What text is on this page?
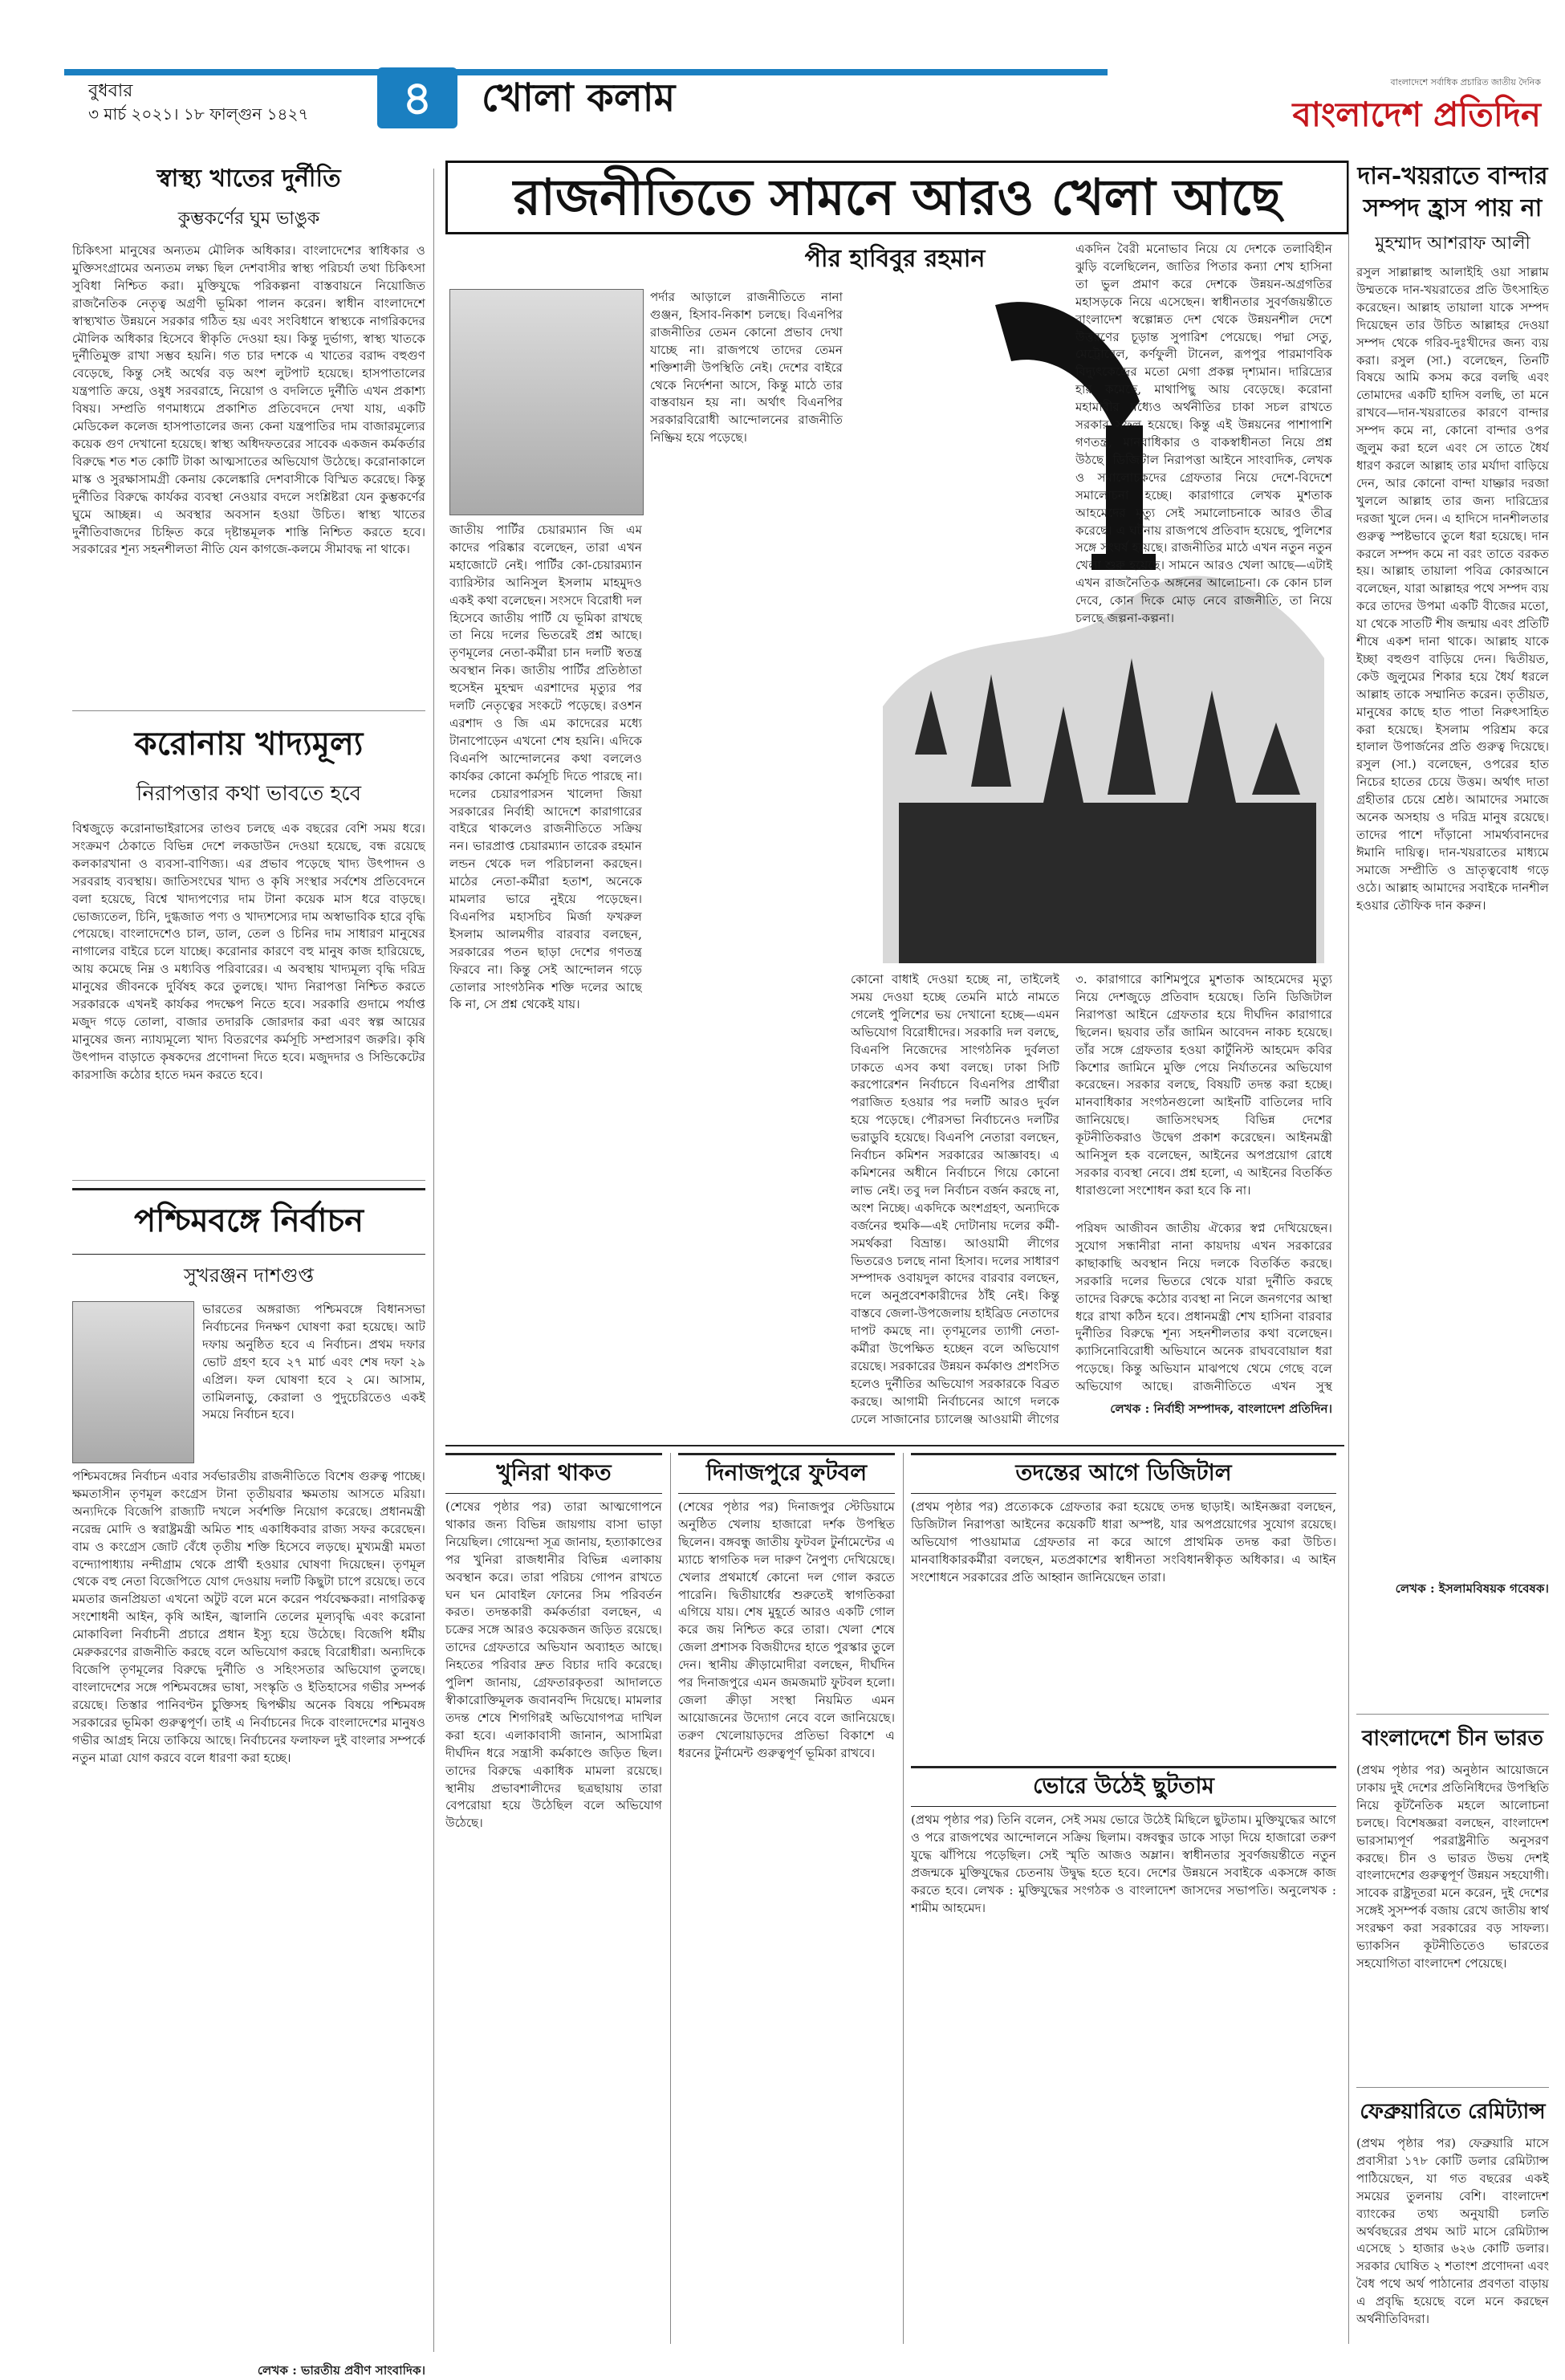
বুধবার
৩ মার্চ ২০২১। ১৮ ফাল্গুন ১৪২৭	৪	খোলা কলাম	বাংলাদেশে সর্বাধিক প্রচারিত জাতীয় দৈনিক
বাংলাদেশ প্রতিদিন
স্বাস্থ্য খাতের দুর্নীতি
কুম্ভকর্ণের ঘুম ভাঙুক
চিকিৎসা মানুষের অন্যতম মৌলিক অধিকার। বাংলাদেশের স্বাধিকার ও মুক্তিসংগ্রামের অন্যতম লক্ষ্য ছিল দেশবাসীর স্বাস্থ্য পরিচর্যা তথা চিকিৎসা সুবিধা নিশ্চিত করা। মুক্তিযুদ্ধে পরিকল্পনা বাস্তবায়নে নিয়োজিত রাজনৈতিক নেতৃত্ব অগ্রণী ভূমিকা পালন করেন। স্বাধীন বাংলাদেশে স্বাস্থ্যখাত উন্নয়নে সরকার গঠিত হয় এবং সংবিধানে স্বাস্থ্যকে নাগরিকদের মৌলিক অধিকার হিসেবে স্বীকৃতি দেওয়া হয়। কিন্তু দুর্ভাগ্য, স্বাস্থ্য খাতকে দুর্নীতিমুক্ত রাখা সম্ভব হয়নি। গত চার দশকে এ খাতের বরাদ্দ বহুগুণ বেড়েছে, কিন্তু সেই অর্থের বড় অংশ লুটপাট হয়েছে। হাসপাতালের যন্ত্রপাতি ক্রয়ে, ওষুধ সরবরাহে, নিয়োগ ও বদলিতে দুর্নীতি এখন প্রকাশ্য বিষয়। সম্প্রতি গণমাধ্যমে প্রকাশিত প্রতিবেদনে দেখা যায়, একটি মেডিকেল কলেজ হাসপাতালের জন্য কেনা যন্ত্রপাতির দাম বাজারমূল্যের কয়েক গুণ দেখানো হয়েছে। স্বাস্থ্য অধিদফতরের সাবেক একজন কর্মকর্তার বিরুদ্ধে শত শত কোটি টাকা আত্মসাতের অভিযোগ উঠেছে। করোনাকালে মাস্ক ও সুরক্ষাসামগ্রী কেনায় কেলেঙ্কারি দেশবাসীকে বিস্মিত করেছে। কিন্তু দুর্নীতির বিরুদ্ধে কার্যকর ব্যবস্থা নেওয়ার বদলে সংশ্লিষ্টরা যেন কুম্ভকর্ণের ঘুমে আচ্ছন্ন। এ অবস্থার অবসান হওয়া উচিত। স্বাস্থ্য খাতের দুর্নীতিবাজদের চিহ্নিত করে দৃষ্টান্তমূলক শাস্তি নিশ্চিত করতে হবে। সরকারের শূন্য সহনশীলতা নীতি যেন কাগজে-কলমে সীমাবদ্ধ না থাকে।
করোনায় খাদ্যমূল্য
নিরাপত্তার কথা ভাবতে হবে
বিশ্বজুড়ে করোনাভাইরাসের তাণ্ডব চলছে এক বছরের বেশি সময় ধরে। সংক্রমণ ঠেকাতে বিভিন্ন দেশে লকডাউন দেওয়া হয়েছে, বন্ধ রয়েছে কলকারখানা ও ব্যবসা-বাণিজ্য। এর প্রভাব পড়েছে খাদ্য উৎপাদন ও সরবরাহ ব্যবস্থায়। জাতিসংঘের খাদ্য ও কৃষি সংস্থার সর্বশেষ প্রতিবেদনে বলা হয়েছে, বিশ্বে খাদ্যপণ্যের দাম টানা কয়েক মাস ধরে বাড়ছে। ভোজ্যতেল, চিনি, দুগ্ধজাত পণ্য ও খাদ্যশস্যের দাম অস্বাভাবিক হারে বৃদ্ধি পেয়েছে। বাংলাদেশেও চাল, ডাল, তেল ও চিনির দাম সাধারণ মানুষের নাগালের বাইরে চলে যাচ্ছে। করোনার কারণে বহু মানুষ কাজ হারিয়েছে, আয় কমেছে নিম্ন ও মধ্যবিত্ত পরিবারের। এ অবস্থায় খাদ্যমূল্য বৃদ্ধি দরিদ্র মানুষের জীবনকে দুর্বিষহ করে তুলছে। খাদ্য নিরাপত্তা নিশ্চিত করতে সরকারকে এখনই কার্যকর পদক্ষেপ নিতে হবে। সরকারি গুদামে পর্যাপ্ত মজুদ গড়ে তোলা, বাজার তদারকি জোরদার করা এবং স্বল্প আয়ের মানুষের জন্য ন্যায্যমূল্যে খাদ্য বিতরণের কর্মসূচি সম্প্রসারণ জরুরি। কৃষি উৎপাদন বাড়াতে কৃষকদের প্রণোদনা দিতে হবে। মজুদদার ও সিন্ডিকেটের কারসাজি কঠোর হাতে দমন করতে হবে।
পশ্চিমবঙ্গে নির্বাচন
সুখরঞ্জন দাশগুপ্ত
ভারতের অঙ্গরাজ্য পশ্চিমবঙ্গে বিধানসভা নির্বাচনের দিনক্ষণ ঘোষণা করা হয়েছে। আট দফায় অনুষ্ঠিত হবে এ নির্বাচন। প্রথম দফার ভোট গ্রহণ হবে ২৭ মার্চ এবং শেষ দফা ২৯ এপ্রিল। ফল ঘোষণা হবে ২ মে। আসাম, তামিলনাড়ু, কেরালা ও পুদুচেরিতেও একই সময়ে নির্বাচন হবে।
পশ্চিমবঙ্গের নির্বাচন এবার সর্বভারতীয় রাজনীতিতে বিশেষ গুরুত্ব পাচ্ছে। ক্ষমতাসীন তৃণমূল কংগ্রেস টানা তৃতীয়বার ক্ষমতায় আসতে মরিয়া। অন্যদিকে বিজেপি রাজ্যটি দখলে সর্বশক্তি নিয়োগ করেছে। প্রধানমন্ত্রী নরেন্দ্র মোদি ও স্বরাষ্ট্রমন্ত্রী অমিত শাহ একাধিকবার রাজ্য সফর করেছেন। বাম ও কংগ্রেস জোট বেঁধে তৃতীয় শক্তি হিসেবে লড়ছে। মুখ্যমন্ত্রী মমতা বন্দ্যোপাধ্যায় নন্দীগ্রাম থেকে প্রার্থী হওয়ার ঘোষণা দিয়েছেন। তৃণমূল থেকে বহু নেতা বিজেপিতে যোগ দেওয়ায় দলটি কিছুটা চাপে রয়েছে। তবে মমতার জনপ্রিয়তা এখনো অটুট বলে মনে করেন পর্যবেক্ষকরা। নাগরিকত্ব সংশোধনী আইন, কৃষি আইন, জ্বালানি তেলের মূল্যবৃদ্ধি এবং করোনা মোকাবিলা নির্বাচনী প্রচারে প্রধান ইস্যু হয়ে উঠেছে। বিজেপি ধর্মীয় মেরুকরণের রাজনীতি করছে বলে অভিযোগ করছে বিরোধীরা। অন্যদিকে বিজেপি তৃণমূলের বিরুদ্ধে দুর্নীতি ও সহিংসতার অভিযোগ তুলছে। বাংলাদেশের সঙ্গে পশ্চিমবঙ্গের ভাষা, সংস্কৃতি ও ইতিহাসের গভীর সম্পর্ক রয়েছে। তিস্তার পানিবণ্টন চুক্তিসহ দ্বিপক্ষীয় অনেক বিষয়ে পশ্চিমবঙ্গ সরকারের ভূমিকা গুরুত্বপূর্ণ। তাই এ নির্বাচনের দিকে বাংলাদেশের মানুষও গভীর আগ্রহ নিয়ে তাকিয়ে আছে। নির্বাচনের ফলাফল দুই বাংলার সম্পর্কে নতুন মাত্রা যোগ করবে বলে ধারণা করা হচ্ছে।
লেখক : ভারতীয় প্রবীণ সাংবাদিক।
রাজনীতিতে সামনে আরও খেলা আছে
পীর হাবিবুর রহমান
পর্দার আড়ালে রাজনীতিতে নানা গুঞ্জন, হিসাব-নিকাশ চলছে। বিএনপির রাজনীতির তেমন কোনো প্রভাব দেখা যাচ্ছে না। রাজপথে তাদের তেমন শক্তিশালী উপস্থিতি নেই। দেশের বাইরে থেকে নির্দেশনা আসে, কিন্তু মাঠে তার বাস্তবায়ন হয় না। অর্থাৎ বিএনপির সরকারবিরোধী আন্দোলনের রাজনীতি নিষ্ক্রিয় হয়ে পড়েছে।
জাতীয় পার্টির চেয়ারম্যান জি এম কাদের পরিষ্কার বলেছেন, তারা এখন মহাজোটে নেই। পার্টির কো-চেয়ারম্যান ব্যারিস্টার আনিসুল ইসলাম মাহমুদও একই কথা বলেছেন। সংসদে বিরোধী দল হিসেবে জাতীয় পার্টি যে ভূমিকা রাখছে তা নিয়ে দলের ভিতরেই প্রশ্ন আছে। তৃণমূলের নেতা-কর্মীরা চান দলটি স্বতন্ত্র অবস্থান নিক। জাতীয় পার্টির প্রতিষ্ঠাতা হুসেইন মুহম্মদ এরশাদের মৃত্যুর পর দলটি নেতৃত্বের সংকটে পড়েছে। রওশন এরশাদ ও জি এম কাদেরের মধ্যে টানাপোড়েন এখনো শেষ হয়নি। এদিকে বিএনপি আন্দোলনের কথা বললেও কার্যকর কোনো কর্মসূচি দিতে পারছে না। দলের চেয়ারপারসন খালেদা জিয়া সরকারের নির্বাহী আদেশে কারাগারের বাইরে থাকলেও রাজনীতিতে সক্রিয় নন। ভারপ্রাপ্ত চেয়ারম্যান তারেক রহমান লন্ডন থেকে দল পরিচালনা করছেন। মাঠের নেতা-কর্মীরা হতাশ, অনেকে মামলার ভারে নুইয়ে পড়েছেন। বিএনপির মহাসচিব মির্জা ফখরুল ইসলাম আলমগীর বারবার বলছেন, সরকারের পতন ছাড়া দেশের গণতন্ত্র ফিরবে না। কিন্তু সেই আন্দোলন গড়ে তোলার সাংগঠনিক শক্তি দলের আছে কি না, সে প্রশ্ন থেকেই যায়।
কোনো বাধাই দেওয়া হচ্ছে না, তাইলেই সময় দেওয়া হচ্ছে তেমনি মাঠে নামতে গেলেই পুলিশের ভয় দেখানো হচ্ছে—এমন অভিযোগ বিরোধীদের। সরকারি দল বলছে, বিএনপি নিজেদের সাংগঠনিক দুর্বলতা ঢাকতে এসব কথা বলছে। ঢাকা সিটি করপোরেশন নির্বাচনে বিএনপির প্রার্থীরা পরাজিত হওয়ার পর দলটি আরও দুর্বল হয়ে পড়েছে। পৌরসভা নির্বাচনেও দলটির ভরাডুবি হয়েছে। বিএনপি নেতারা বলছেন, নির্বাচন কমিশন সরকারের আজ্ঞাবহ। এ কমিশনের অধীনে নির্বাচনে গিয়ে কোনো লাভ নেই। তবু দল নির্বাচন বর্জন করছে না, অংশ নিচ্ছে। একদিকে অংশগ্রহণ, অন্যদিকে বর্জনের হুমকি—এই দোটানায় দলের কর্মী-সমর্থকরা বিভ্রান্ত। আওয়ামী লীগের ভিতরেও চলছে নানা হিসাব। দলের সাধারণ সম্পাদক ওবায়দুল কাদের বারবার বলছেন, দলে অনুপ্রবেশকারীদের ঠাঁই নেই। কিন্তু বাস্তবে জেলা-উপজেলায় হাইব্রিড নেতাদের দাপট কমছে না। তৃণমূলের ত্যাগী নেতা-কর্মীরা উপেক্ষিত হচ্ছেন বলে অভিযোগ রয়েছে। সরকারের উন্নয়ন কর্মকাণ্ড প্রশংসিত হলেও দুর্নীতির অভিযোগ সরকারকে বিব্রত করছে। আগামী নির্বাচনের আগে দলকে ঢেলে সাজানোর চ্যালেঞ্জ আওয়ামী লীগের
একদিন বৈরী মনোভাব নিয়ে যে দেশকে তলাবিহীন ঝুড়ি বলেছিলেন, জাতির পিতার কন্যা শেখ হাসিনা তা ভুল প্রমাণ করে দেশকে উন্নয়ন-অগ্রগতির মহাসড়কে নিয়ে এসেছেন। স্বাধীনতার সুবর্ণজয়ন্তীতে বাংলাদেশ স্বল্পোন্নত দেশ থেকে উন্নয়নশীল দেশে উত্তরণের চূড়ান্ত সুপারিশ পেয়েছে। পদ্মা সেতু, মেট্রোরেল, কর্ণফুলী টানেল, রূপপুর পারমাণবিক বিদ্যুৎকেন্দ্রের মতো মেগা প্রকল্প দৃশ্যমান। দারিদ্র্যের হার কমেছে, মাথাপিছু আয় বেড়েছে। করোনা মহামারীর মধ্যেও অর্থনীতির চাকা সচল রাখতে সরকার সফল হয়েছে। কিন্তু এই উন্নয়নের পাশাপাশি গণতন্ত্র, মানবাধিকার ও বাকস্বাধীনতা নিয়ে প্রশ্ন উঠছে। ডিজিটাল নিরাপত্তা আইনে সাংবাদিক, লেখক ও সমালোচকদের গ্রেফতার নিয়ে দেশে-বিদেশে সমালোচনা হচ্ছে। কারাগারে লেখক মুশতাক আহমেদের মৃত্যু সেই সমালোচনাকে আরও তীব্র করেছে। এ ঘটনায় রাজপথে প্রতিবাদ হয়েছে, পুলিশের সঙ্গে সংঘর্ষ হয়েছে। রাজনীতির মাঠে এখন নতুন নতুন খেলা শুরু হয়েছে। সামনে আরও খেলা আছে—এটাই এখন রাজনৈতিক অঙ্গনের আলোচনা। কে কোন চাল দেবে, কোন দিকে মোড় নেবে রাজনীতি, তা নিয়ে চলছে জল্পনা-কল্পনা।
৩. কারাগারে কাশিমপুরে মুশতাক আহমেদের মৃত্যু নিয়ে দেশজুড়ে প্রতিবাদ হয়েছে। তিনি ডিজিটাল নিরাপত্তা আইনে গ্রেফতার হয়ে দীর্ঘদিন কারাগারে ছিলেন। ছয়বার তাঁর জামিন আবেদন নাকচ হয়েছে। তাঁর সঙ্গে গ্রেফতার হওয়া কার্টুনিস্ট আহমেদ কবির কিশোর জামিনে মুক্তি পেয়ে নির্যাতনের অভিযোগ করেছেন। সরকার বলছে, বিষয়টি তদন্ত করা হচ্ছে। মানবাধিকার সংগঠনগুলো আইনটি বাতিলের দাবি জানিয়েছে। জাতিসংঘসহ বিভিন্ন দেশের কূটনীতিকরাও উদ্বেগ প্রকাশ করেছেন। আইনমন্ত্রী আনিসুল হক বলেছেন, আইনের অপপ্রয়োগ রোধে সরকার ব্যবস্থা নেবে। প্রশ্ন হলো, এ আইনের বিতর্কিত ধারাগুলো সংশোধন করা হবে কি না।
পরিষদ আজীবন জাতীয় ঐক্যের স্বপ্ন দেখিয়েছেন। সুযোগ সন্ধানীরা নানা কায়দায় এখন সরকারের কাছাকাছি অবস্থান নিয়ে দলকে বিতর্কিত করছে। সরকারি দলের ভিতরে থেকে যারা দুর্নীতি করছে তাদের বিরুদ্ধে কঠোর ব্যবস্থা না নিলে জনগণের আস্থা ধরে রাখা কঠিন হবে। প্রধানমন্ত্রী শেখ হাসিনা বারবার দুর্নীতির বিরুদ্ধে শূন্য সহনশীলতার কথা বলেছেন। ক্যাসিনোবিরোধী অভিযানে অনেক রাঘববোয়াল ধরা পড়েছে। কিন্তু অভিযান মাঝপথে থেমে গেছে বলে অভিযোগ আছে। রাজনীতিতে এখন সুস্থ
লেখক : নির্বাহী সম্পাদক, বাংলাদেশ প্রতিদিন।
দান-খয়রাতে বান্দার সম্পদ হ্রাস পায় না
মুহম্মাদ আশরাফ আলী
রসুল সাল্লাল্লাহু আলাইহি ওয়া সাল্লাম উম্মতকে দান-খয়রাতের প্রতি উৎসাহিত করেছেন। আল্লাহ তায়ালা যাকে সম্পদ দিয়েছেন তার উচিত আল্লাহর দেওয়া সম্পদ থেকে গরিব-দুঃখীদের জন্য ব্যয় করা। রসুল (সা.) বলেছেন, তিনটি বিষয়ে আমি কসম করে বলছি এবং তোমাদের একটি হাদিস বলছি, তা মনে রাখবে—দান-খয়রাতের কারণে বান্দার সম্পদ কমে না, কোনো বান্দার ওপর জুলুম করা হলে এবং সে তাতে ধৈর্য ধারণ করলে আল্লাহ তার মর্যাদা বাড়িয়ে দেন, আর কোনো বান্দা যাচ্ঞার দরজা খুললে আল্লাহ তার জন্য দারিদ্র্যের দরজা খুলে দেন। এ হাদিসে দানশীলতার গুরুত্ব স্পষ্টভাবে তুলে ধরা হয়েছে। দান করলে সম্পদ কমে না বরং তাতে বরকত হয়। আল্লাহ তায়ালা পবিত্র কোরআনে বলেছেন, যারা আল্লাহর পথে সম্পদ ব্যয় করে তাদের উপমা একটি বীজের মতো, যা থেকে সাতটি শীষ জন্মায় এবং প্রতিটি শীষে একশ দানা থাকে। আল্লাহ যাকে ইচ্ছা বহুগুণ বাড়িয়ে দেন। দ্বিতীয়ত, কেউ জুলুমের শিকার হয়ে ধৈর্য ধরলে আল্লাহ তাকে সম্মানিত করেন। তৃতীয়ত, মানুষের কাছে হাত পাতা নিরুৎসাহিত করা হয়েছে। ইসলাম পরিশ্রম করে হালাল উপার্জনের প্রতি গুরুত্ব দিয়েছে। রসুল (সা.) বলেছেন, ওপরের হাত নিচের হাতের চেয়ে উত্তম। অর্থাৎ দাতা গ্রহীতার চেয়ে শ্রেষ্ঠ। আমাদের সমাজে অনেক অসহায় ও দরিদ্র মানুষ রয়েছে। তাদের পাশে দাঁড়ানো সামর্থ্যবানদের ঈমানি দায়িত্ব। দান-খয়রাতের মাধ্যমে সমাজে সম্প্রীতি ও ভ্রাতৃত্ববোধ গড়ে ওঠে। আল্লাহ আমাদের সবাইকে দানশীল হওয়ার তৌফিক দান করুন।
লেখক : ইসলামবিষয়ক গবেষক।
বাংলাদেশে চীন ভারত
(প্রথম পৃষ্ঠার পর) অনুষ্ঠান আয়োজনে ঢাকায় দুই দেশের প্রতিনিধিদের উপস্থিতি নিয়ে কূটনৈতিক মহলে আলোচনা চলছে। বিশেষজ্ঞরা বলছেন, বাংলাদেশ ভারসাম্যপূর্ণ পররাষ্ট্রনীতি অনুসরণ করছে। চীন ও ভারত উভয় দেশই বাংলাদেশের গুরুত্বপূর্ণ উন্নয়ন সহযোগী। সাবেক রাষ্ট্রদূতরা মনে করেন, দুই দেশের সঙ্গেই সুসম্পর্ক বজায় রেখে জাতীয় স্বার্থ সংরক্ষণ করা সরকারের বড় সাফল্য। ভ্যাকসিন কূটনীতিতেও ভারতের সহযোগিতা বাংলাদেশ পেয়েছে।
ফেব্রুয়ারিতে রেমিট্যান্স
(প্রথম পৃষ্ঠার পর) ফেব্রুয়ারি মাসে প্রবাসীরা ১৭৮ কোটি ডলার রেমিট্যান্স পাঠিয়েছেন, যা গত বছরের একই সময়ের তুলনায় বেশি। বাংলাদেশ ব্যাংকের তথ্য অনুযায়ী চলতি অর্থবছরের প্রথম আট মাসে রেমিট্যান্স এসেছে ১ হাজার ৬২৬ কোটি ডলার। সরকার ঘোষিত ২ শতাংশ প্রণোদনা এবং বৈধ পথে অর্থ পাঠানোর প্রবণতা বাড়ায় এ প্রবৃদ্ধি হয়েছে বলে মনে করছেন অর্থনীতিবিদরা।
খুনিরা থাকত
(শেষের পৃষ্ঠার পর) তারা আত্মগোপনে থাকার জন্য বিভিন্ন জায়গায় বাসা ভাড়া নিয়েছিল। গোয়েন্দা সূত্র জানায়, হত্যাকাণ্ডের পর খুনিরা রাজধানীর বিভিন্ন এলাকায় অবস্থান করে। তারা পরিচয় গোপন রাখতে ঘন ঘন মোবাইল ফোনের সিম পরিবর্তন করত। তদন্তকারী কর্মকর্তারা বলছেন, এ চক্রের সঙ্গে আরও কয়েকজন জড়িত রয়েছে। তাদের গ্রেফতারে অভিযান অব্যাহত আছে। নিহতের পরিবার দ্রুত বিচার দাবি করেছে। পুলিশ জানায়, গ্রেফতারকৃতরা আদালতে স্বীকারোক্তিমূলক জবানবন্দি দিয়েছে। মামলার তদন্ত শেষে শিগগিরই অভিযোগপত্র দাখিল করা হবে। এলাকাবাসী জানান, আসামিরা দীর্ঘদিন ধরে সন্ত্রাসী কর্মকাণ্ডে জড়িত ছিল। তাদের বিরুদ্ধে একাধিক মামলা রয়েছে। স্থানীয় প্রভাবশালীদের ছত্রছায়ায় তারা বেপরোয়া হয়ে উঠেছিল বলে অভিযোগ উঠেছে।
দিনাজপুরে ফুটবল
(শেষের পৃষ্ঠার পর) দিনাজপুর স্টেডিয়ামে অনুষ্ঠিত খেলায় হাজারো দর্শক উপস্থিত ছিলেন। বঙ্গবন্ধু জাতীয় ফুটবল টুর্নামেন্টের এ ম্যাচে স্বাগতিক দল দারুণ নৈপুণ্য দেখিয়েছে। খেলার প্রথমার্ধে কোনো দল গোল করতে পারেনি। দ্বিতীয়ার্ধের শুরুতেই স্বাগতিকরা এগিয়ে যায়। শেষ মুহূর্তে আরও একটি গোল করে জয় নিশ্চিত করে তারা। খেলা শেষে জেলা প্রশাসক বিজয়ীদের হাতে পুরস্কার তুলে দেন। স্থানীয় ক্রীড়ামোদীরা বলছেন, দীর্ঘদিন পর দিনাজপুরে এমন জমজমাট ফুটবল হলো। জেলা ক্রীড়া সংস্থা নিয়মিত এমন আয়োজনের উদ্যোগ নেবে বলে জানিয়েছে। তরুণ খেলোয়াড়দের প্রতিভা বিকাশে এ ধরনের টুর্নামেন্ট গুরুত্বপূর্ণ ভূমিকা রাখবে।
তদন্তের আগে ডিজিটাল
(প্রথম পৃষ্ঠার পর) প্রত্যেককে গ্রেফতার করা হয়েছে তদন্ত ছাড়াই। আইনজ্ঞরা বলছেন, ডিজিটাল নিরাপত্তা আইনের কয়েকটি ধারা অস্পষ্ট, যার অপপ্রয়োগের সুযোগ রয়েছে। অভিযোগ পাওয়ামাত্র গ্রেফতার না করে আগে প্রাথমিক তদন্ত করা উচিত। মানবাধিকারকর্মীরা বলছেন, মতপ্রকাশের স্বাধীনতা সংবিধানস্বীকৃত অধিকার। এ আইন সংশোধনে সরকারের প্রতি আহ্বান জানিয়েছেন তারা।
ভোরে উঠেই ছুটতাম
(প্রথম পৃষ্ঠার পর) তিনি বলেন, সেই সময় ভোরে উঠেই মিছিলে ছুটতাম। মুক্তিযুদ্ধের আগে ও পরে রাজপথের আন্দোলনে সক্রিয় ছিলাম। বঙ্গবন্ধুর ডাকে সাড়া দিয়ে হাজারো তরুণ যুদ্ধে ঝাঁপিয়ে পড়েছিল। সেই স্মৃতি আজও অম্লান। স্বাধীনতার সুবর্ণজয়ন্তীতে নতুন প্রজন্মকে মুক্তিযুদ্ধের চেতনায় উদ্বুদ্ধ হতে হবে। দেশের উন্নয়নে সবাইকে একসঙ্গে কাজ করতে হবে। লেখক : মুক্তিযুদ্ধের সংগঠক ও বাংলাদেশ জাসদের সভাপতি। অনুলেখক : শামীম আহমেদ।
